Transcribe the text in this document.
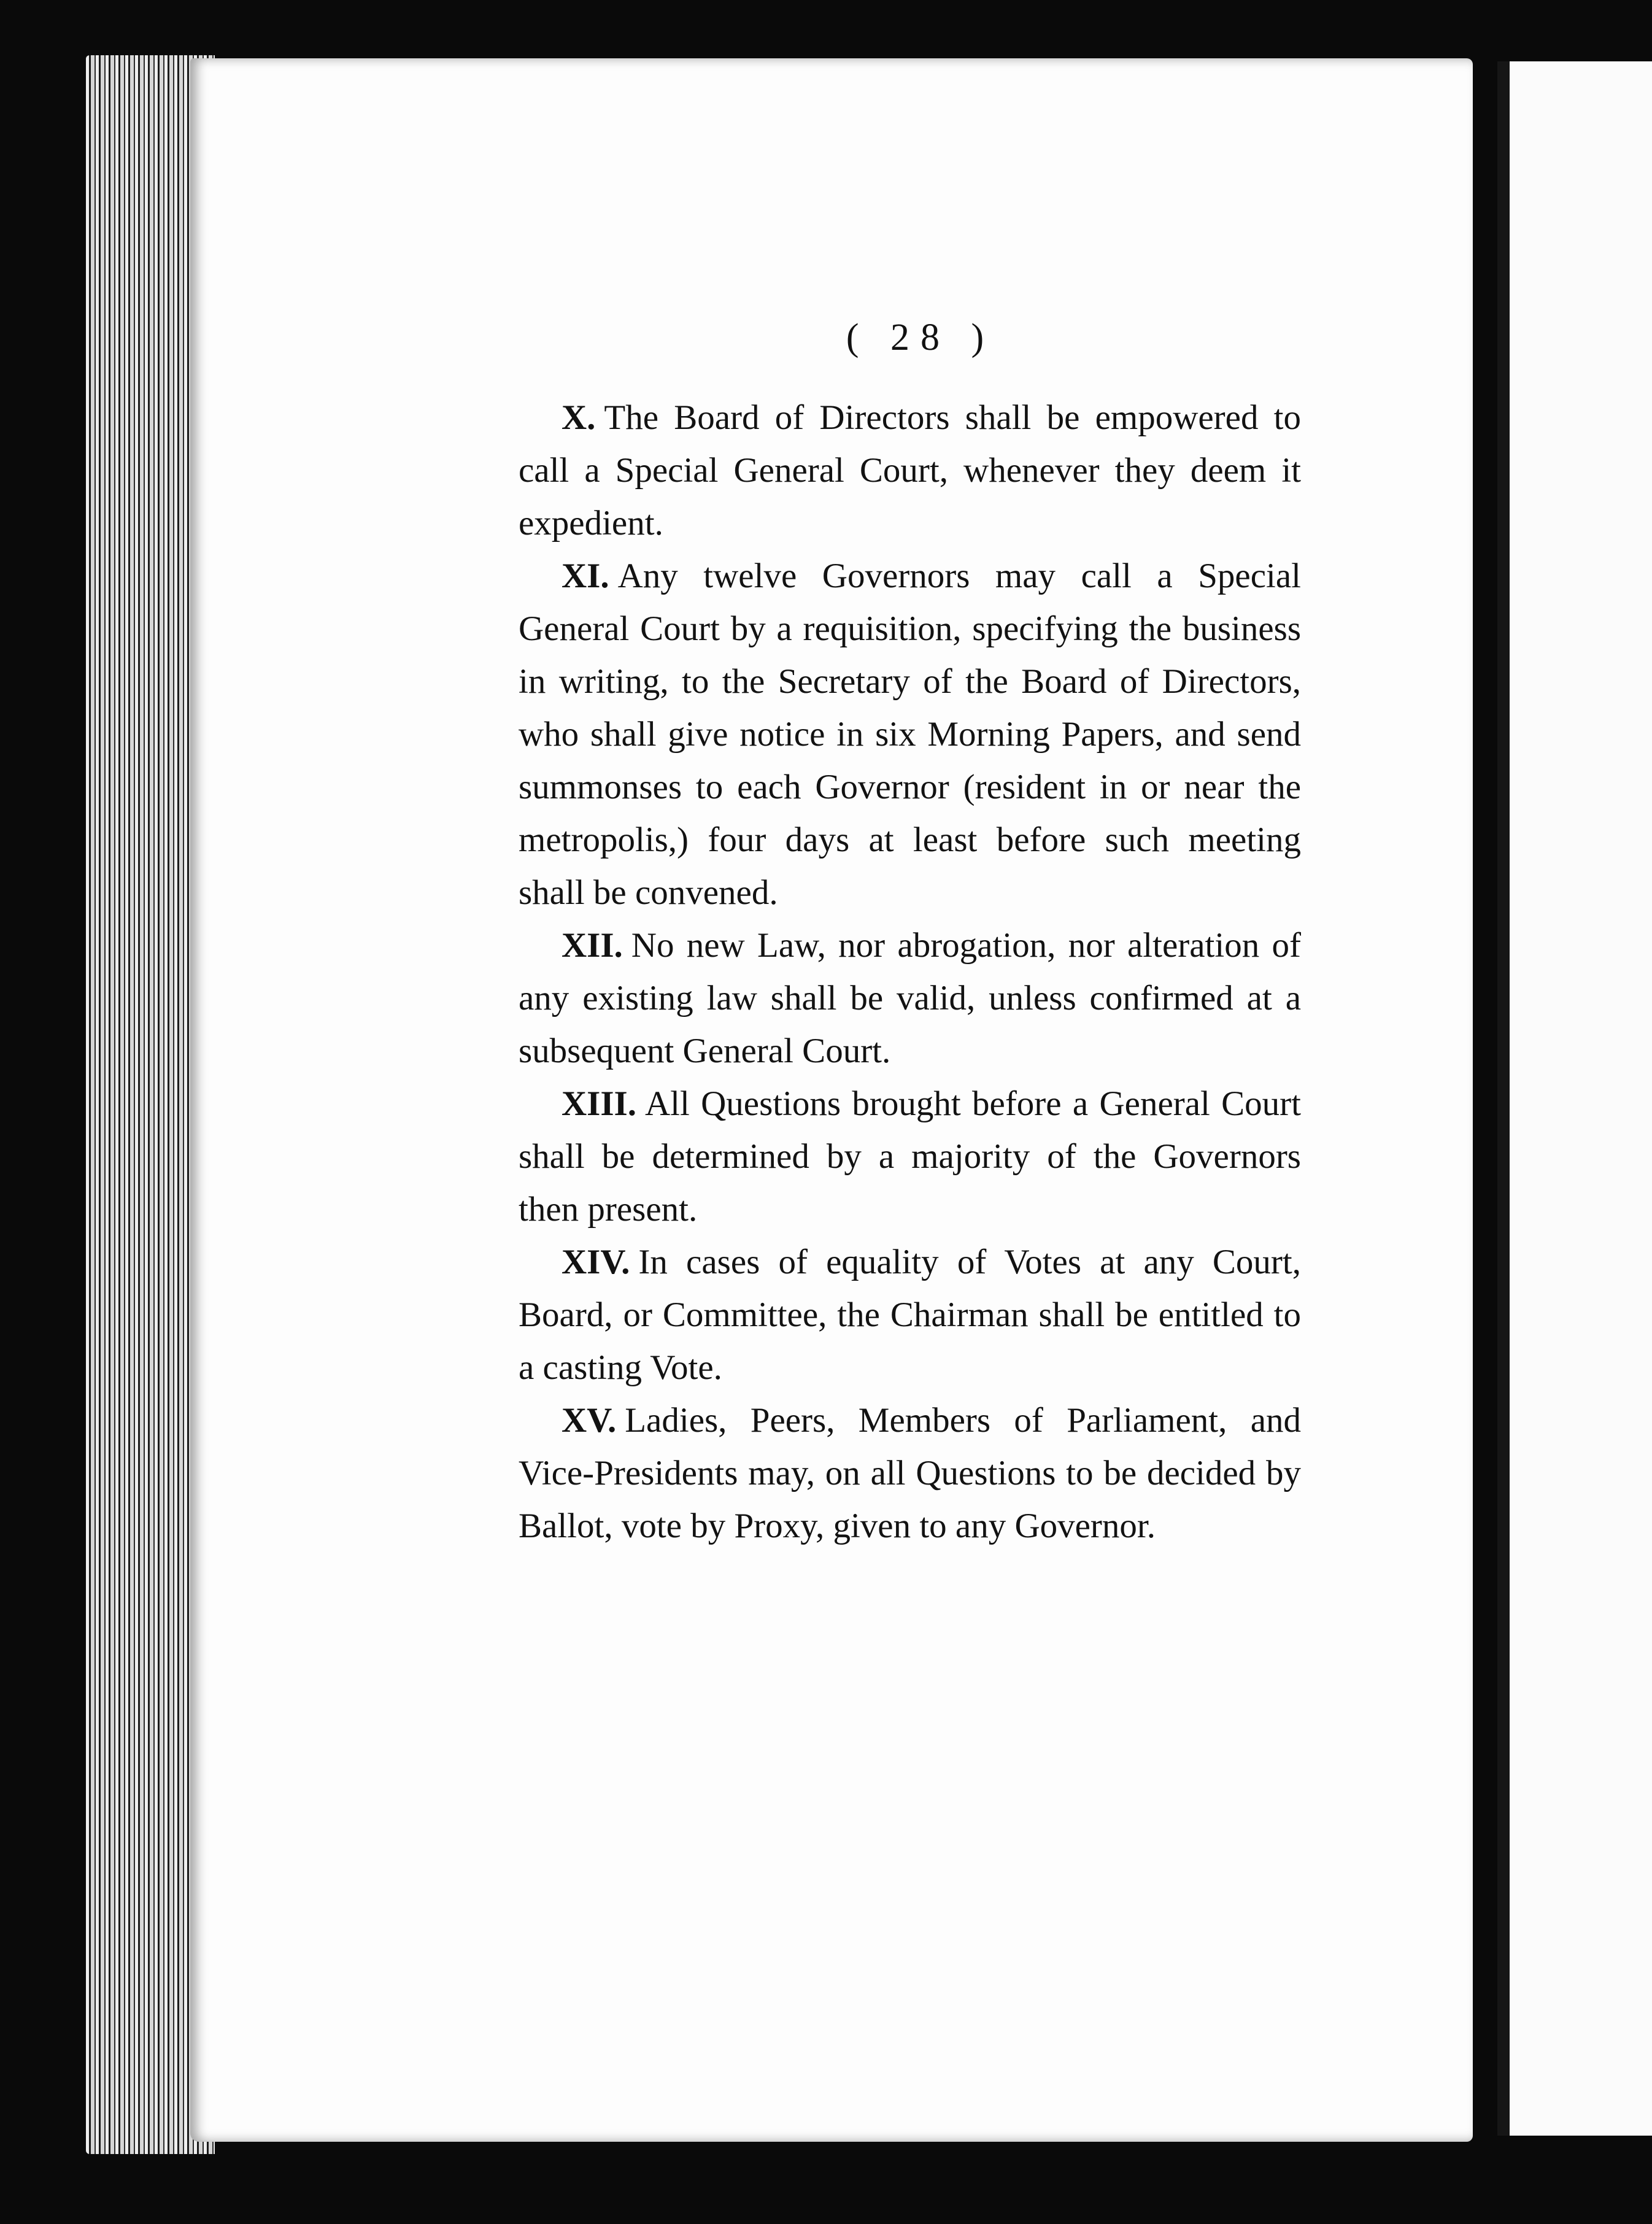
( 28 )

X. The Board of Directors shall be empowered to call a Special General Court, whenever they deem it expedient.

XI. Any twelve Governors may call a Special General Court by a requisition, specifying the business in writing, to the Secretary of the Board of Directors, who shall give notice in six Morning Papers, and send summonses to each Governor (resident in or near the metropolis,) four days at least before such meeting shall be convened.

XII. No new Law, nor abrogation, nor alteration of any existing law shall be valid, unless confirmed at a subsequent General Court.

XIII. All Questions brought before a General Court shall be determined by a majority of the Governors then present.

XIV. In cases of equality of Votes at any Court, Board, or Committee, the Chairman shall be entitled to a casting Vote.

XV. Ladies, Peers, Members of Parliament, and Vice-Presidents may, on all Questions to be decided by Ballot, vote by Proxy, given to any Governor.
